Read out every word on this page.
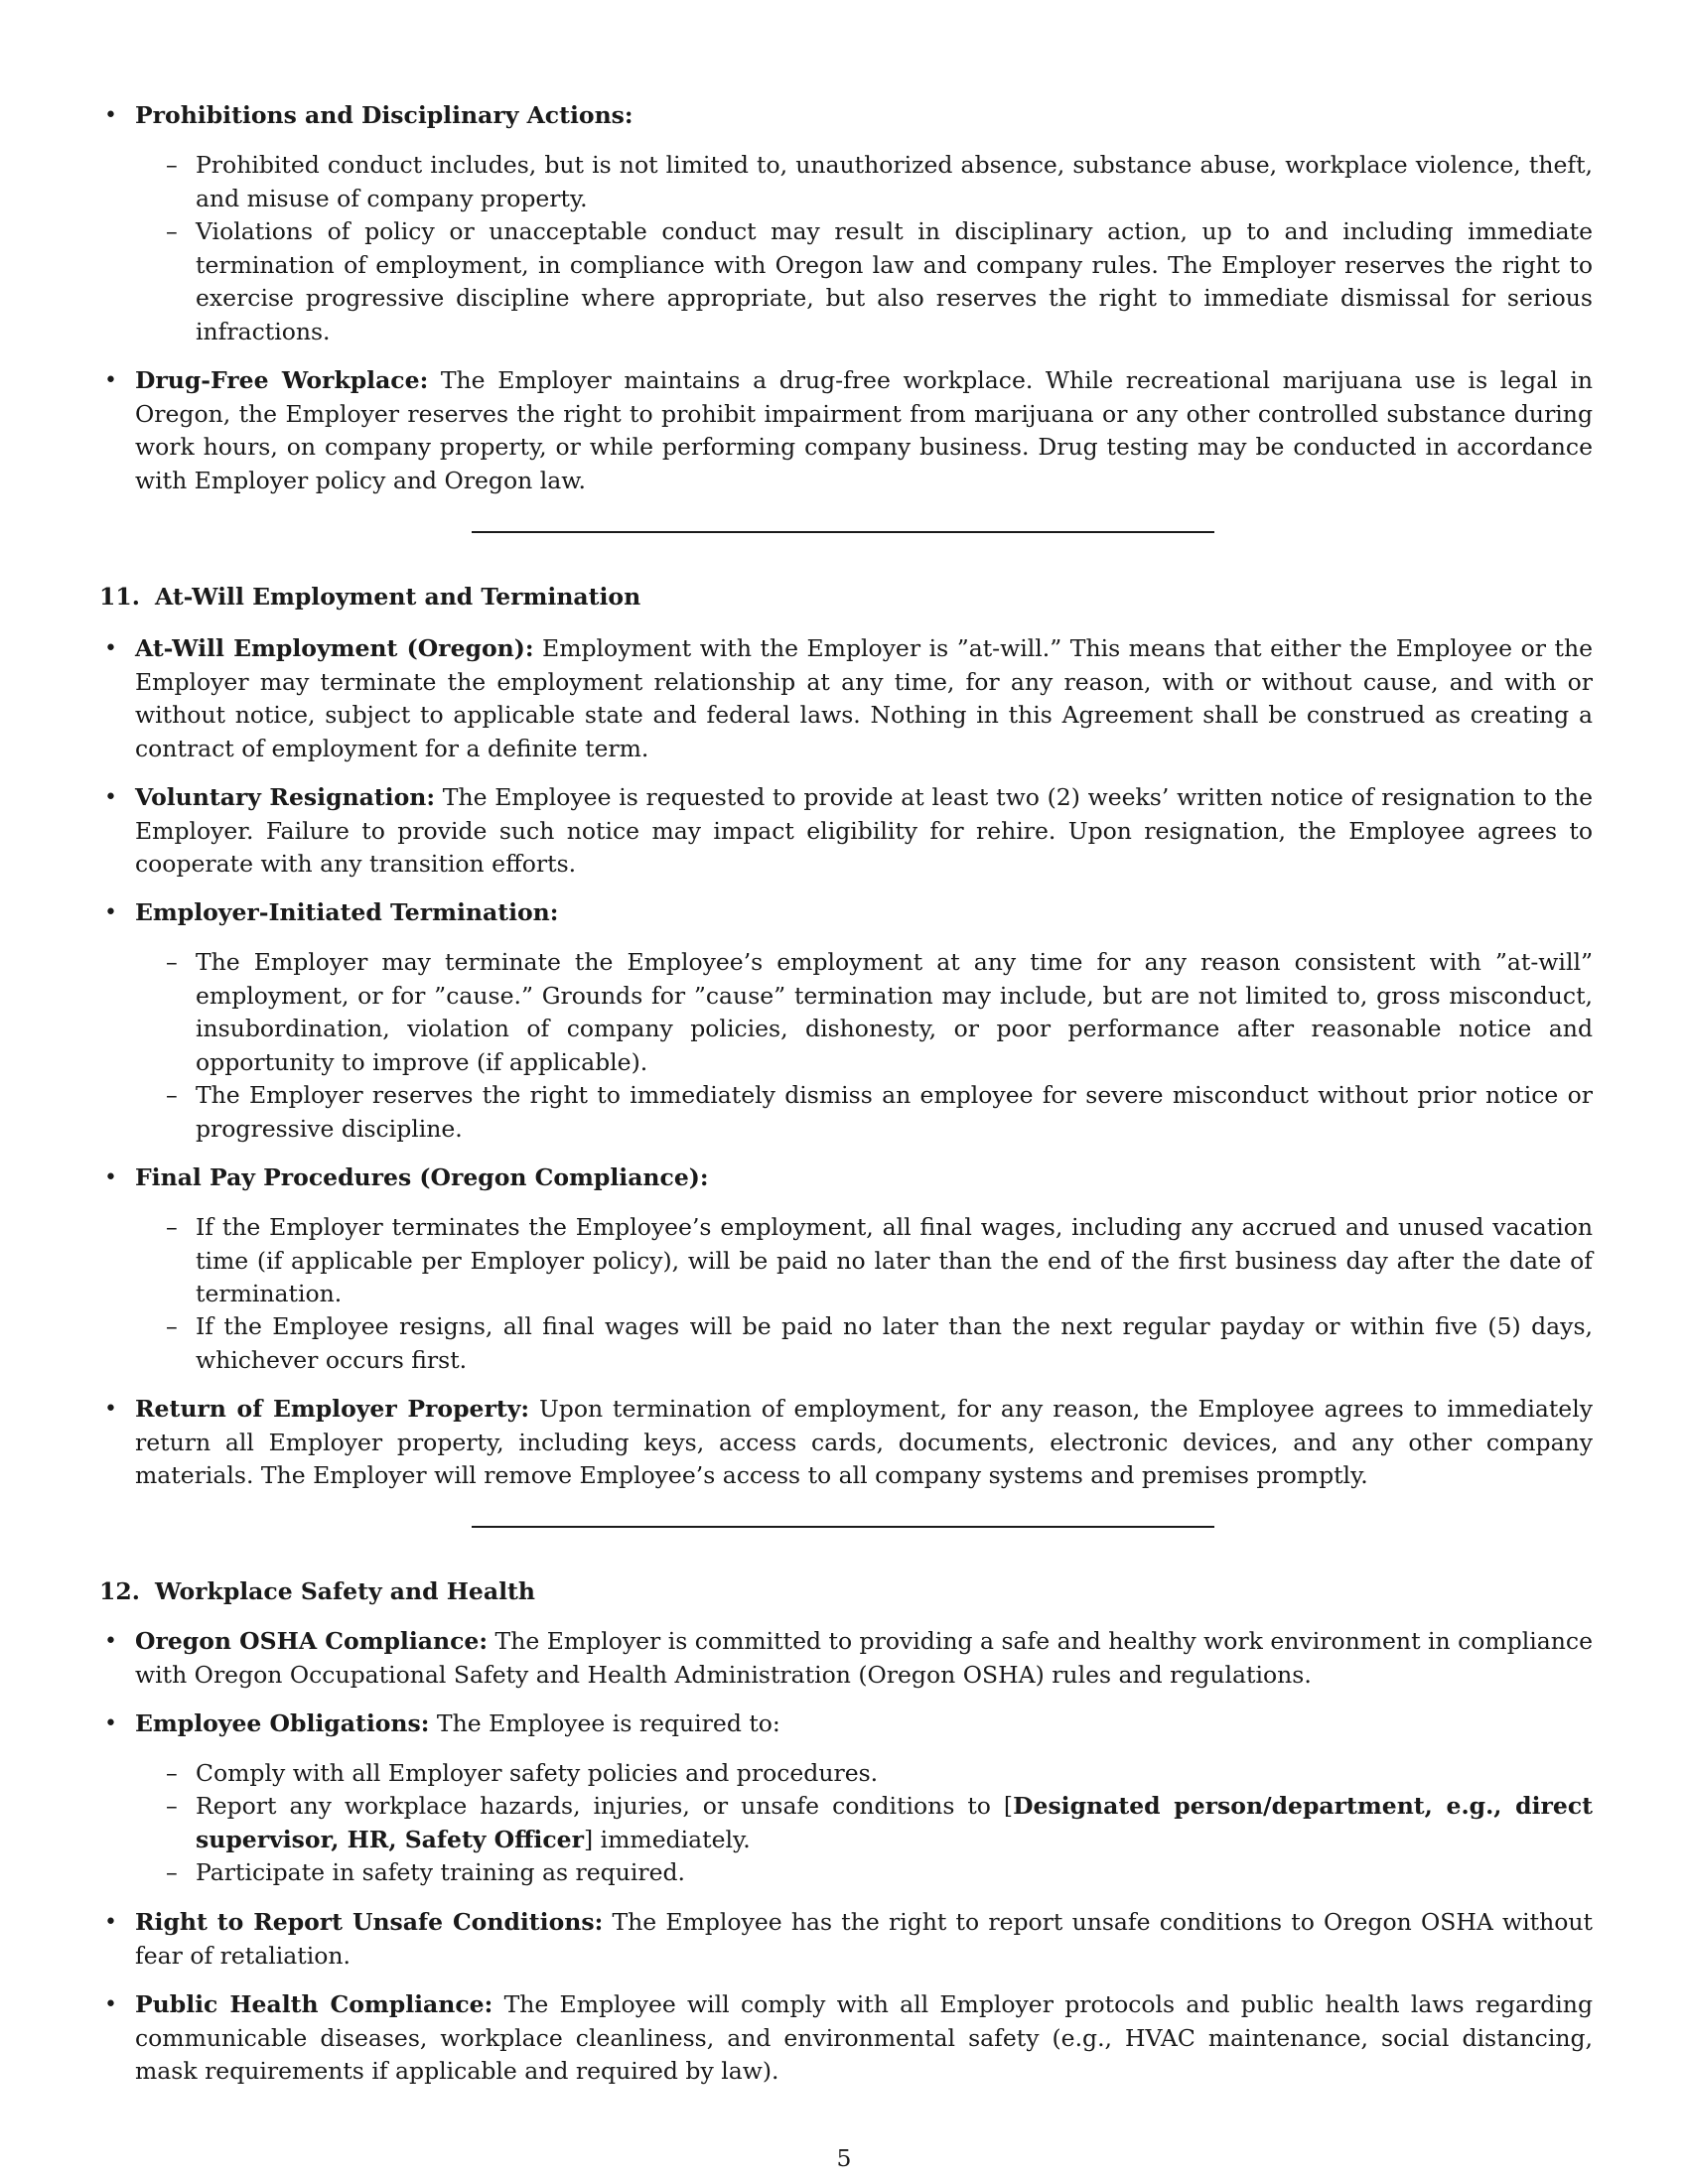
• Prohibitions and Disciplinary Actions:
– Prohibited conduct includes, but is not limited to, unauthorized absence, substance abuse, workplace violence, theft, and misuse of company property.
– Violations of policy or unacceptable conduct may result in disciplinary action, up to and including immediate termination of employment, in compliance with Oregon law and company rules. The Employer reserves the right to exercise progressive discipline where appropriate, but also reserves the right to immediate dismissal for serious infractions.
• Drug-Free Workplace: The Employer maintains a drug-free workplace. While recreational marijuana use is legal in Oregon, the Employer reserves the right to prohibit impairment from marijuana or any other controlled substance during work hours, on company property, or while performing company business. Drug testing may be conducted in accordance with Employer policy and Oregon law.
11. At-Will Employment and Termination
• At-Will Employment (Oregon): Employment with the Employer is ”at-will.” This means that either the Employee or the Employer may terminate the employment relationship at any time, for any reason, with or without cause, and with or without notice, subject to applicable state and federal laws. Nothing in this Agreement shall be construed as creating a contract of employment for a definite term.
• Voluntary Resignation: The Employee is requested to provide at least two (2) weeks’ written notice of resignation to the Employer. Failure to provide such notice may impact eligibility for rehire. Upon resignation, the Employee agrees to cooperate with any transition efforts.
• Employer-Initiated Termination:
– The Employer may terminate the Employee’s employment at any time for any reason consistent with ”at-will” employment, or for ”cause.” Grounds for ”cause” termination may include, but are not limited to, gross misconduct, insubordination, violation of company policies, dishonesty, or poor performance after reasonable notice and opportunity to improve (if applicable).
– The Employer reserves the right to immediately dismiss an employee for severe misconduct without prior notice or progressive discipline.
• Final Pay Procedures (Oregon Compliance):
– If the Employer terminates the Employee’s employment, all final wages, including any accrued and unused vacation time (if applicable per Employer policy), will be paid no later than the end of the first business day after the date of termination.
– If the Employee resigns, all final wages will be paid no later than the next regular payday or within five (5) days, whichever occurs first.
• Return of Employer Property: Upon termination of employment, for any reason, the Employee agrees to immediately return all Employer property, including keys, access cards, documents, electronic devices, and any other company materials. The Employer will remove Employee’s access to all company systems and premises promptly.
12. Workplace Safety and Health
• Oregon OSHA Compliance: The Employer is committed to providing a safe and healthy work environment in compliance with Oregon Occupational Safety and Health Administration (Oregon OSHA) rules and regulations.
• Employee Obligations: The Employee is required to:
– Comply with all Employer safety policies and procedures.
– Report any workplace hazards, injuries, or unsafe conditions to [Designated person/department, e.g., direct supervisor, HR, Safety Officer] immediately.
– Participate in safety training as required.
• Right to Report Unsafe Conditions: The Employee has the right to report unsafe conditions to Oregon OSHA without fear of retaliation.
• Public Health Compliance: The Employee will comply with all Employer protocols and public health laws regarding communicable diseases, workplace cleanliness, and environmental safety (e.g., HVAC maintenance, social distancing, mask requirements if applicable and required by law).
5
